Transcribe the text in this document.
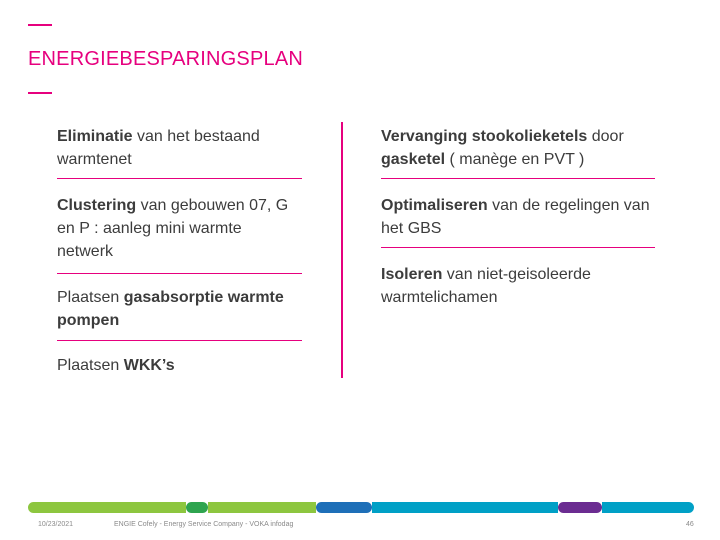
ENERGIEBESPARINGSPLAN
Eliminatie van het bestaand warmtenet
Clustering van gebouwen 07, G en P : aanleg mini warmte netwerk
Plaatsen gasabsorptie warmte pompen
Plaatsen WKK’s
Vervanging stookolieketels door gasketel ( manège en PVT )
Optimaliseren van de regelingen van het GBS
Isoleren van niet-geisoleerde warmtelichamen
10/23/2021	ENGIE Cofely - Energy Service Company - VOKA infodag	46
